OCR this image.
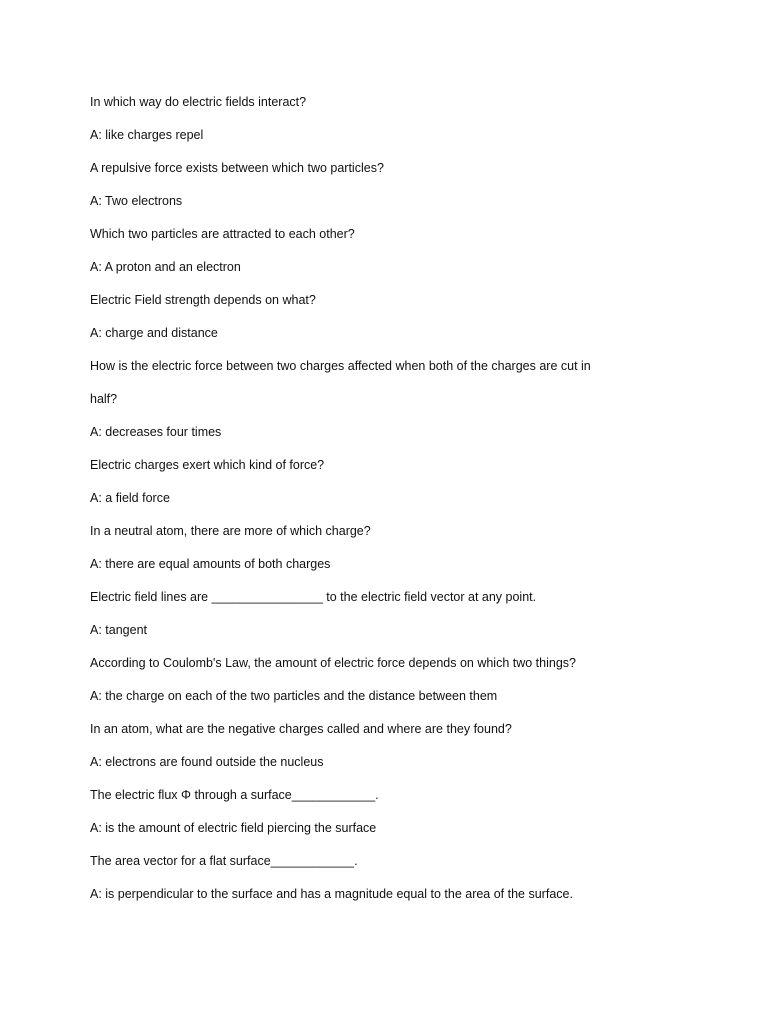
In which way do electric fields interact?
A: like charges repel
A repulsive force exists between which two particles?
A: Two electrons
Which two particles are attracted to each other?
A: A proton and an electron
Electric Field strength depends on what?
A: charge and distance
How is the electric force between two charges affected when both of the charges are cut in
half?
A: decreases four times
Electric charges exert which kind of force?
A: a field force
In a neutral atom, there are more of which charge?
A: there are equal amounts of both charges
Electric field lines are ________________ to the electric field vector at any point.
A: tangent
According to Coulomb's Law, the amount of electric force depends on which two things?
A: the charge on each of the two particles and the distance between them
In an atom, what are the negative charges called and where are they found?
A: electrons are found outside the nucleus
The electric flux Φ through a surface____________.
A: is the amount of electric field piercing the surface
The area vector for a flat surface____________.
A: is perpendicular to the surface and has a magnitude equal to the area of the surface.
